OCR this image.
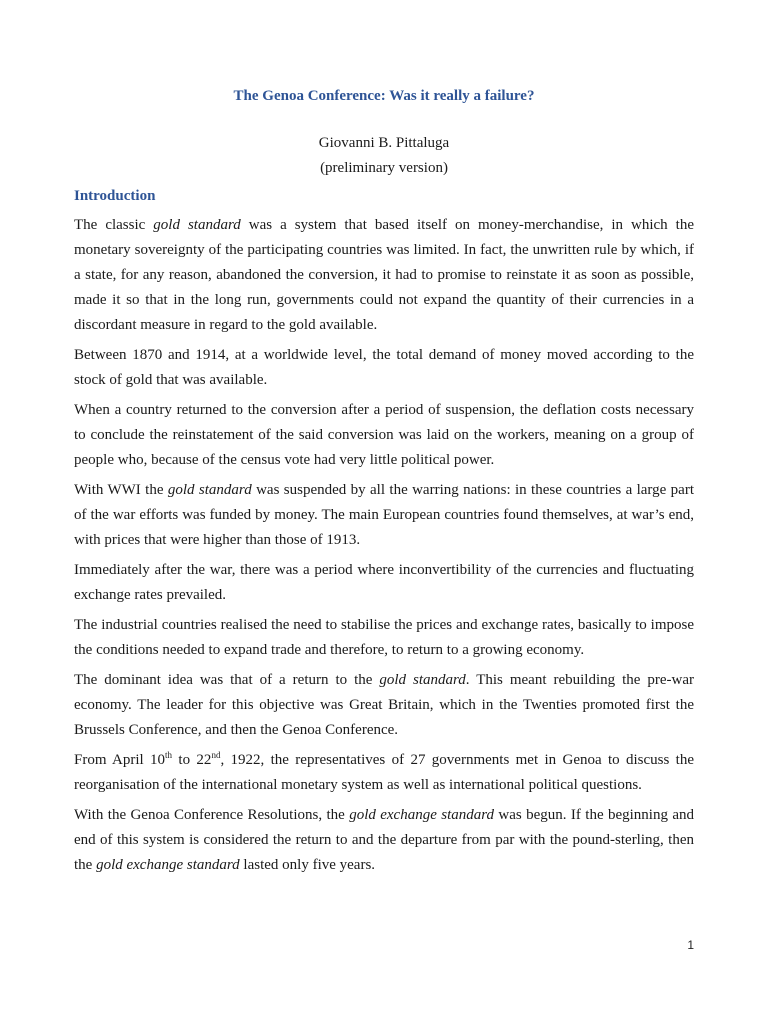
The Genoa Conference: Was it really a failure?

Giovanni B. Pittaluga

(preliminary version)

Introduction

The classic gold standard was a system that based itself on money-merchandise, in which the monetary sovereignty of the participating countries was limited. In fact, the unwritten rule by which, if a state, for any reason, abandoned the conversion, it had to promise to reinstate it as soon as possible, made it so that in the long run, governments could not expand the quantity of their currencies in a discordant measure in regard to the gold available.

Between 1870 and 1914, at a worldwide level, the total demand of money moved according to the stock of gold that was available.

When a country returned to the conversion after a period of suspension, the deflation costs necessary to conclude the reinstatement of the said conversion was laid on the workers, meaning on a group of people who, because of the census vote had very little political power.

With WWI the gold standard was suspended by all the warring nations: in these countries a large part of the war efforts was funded by money. The main European countries found themselves, at war’s end, with prices that were higher than those of 1913.

Immediately after the war, there was a period where inconvertibility of the currencies and fluctuating exchange rates prevailed.

The industrial countries realised the need to stabilise the prices and exchange rates, basically to impose the conditions needed to expand trade and therefore, to return to a growing economy.

The dominant idea was that of a return to the gold standard. This meant rebuilding the pre-war economy. The leader for this objective was Great Britain, which in the Twenties promoted first the Brussels Conference, and then the Genoa Conference.

From April 10th to 22nd, 1922, the representatives of 27 governments met in Genoa to discuss the reorganisation of the international monetary system as well as international political questions.

With the Genoa Conference Resolutions, the gold exchange standard was begun. If the beginning and end of this system is considered the return to and the departure from par with the pound-sterling, then the gold exchange standard lasted only five years.

1
